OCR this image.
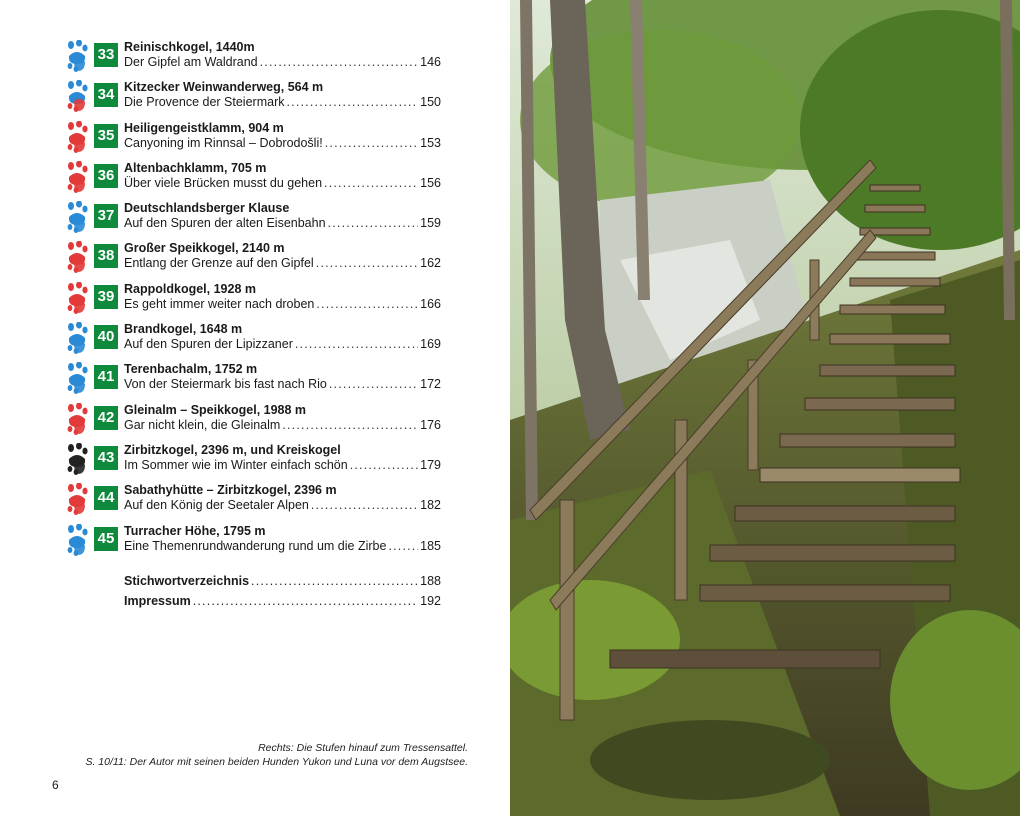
33 Reinischkogel, 1440m
Der Gipfel am Waldrand .....	146
34 Kitzecker Weinwanderweg, 564 m
Die Provence der Steiermark .....	150
35 Heiligengeistklamm, 904 m
Canyoning im Rinnsal – Dobrodošli! .....	153
36 Altenbachklamm, 705 m
Über viele Brücken musst du gehen .....	156
37 Deutschlandsberger Klause
Auf den Spuren der alten Eisenbahn .....	159
38 Großer Speikkogel, 2140 m
Entlang der Grenze auf den Gipfel .....	162
39 Rappoldkogel, 1928 m
Es geht immer weiter nach droben .....	166
40 Brandkogel, 1648 m
Auf den Spuren der Lipizzaner .....	169
41 Terenbachalm, 1752 m
Von der Steiermark bis fast nach Rio .....	172
42 Gleinalm – Speikkogel, 1988 m
Gar nicht klein, die Gleinalm .....	176
43 Zirbitzkogel, 2396 m, und Kreiskogel
Im Sommer wie im Winter einfach schön .....	179
44 Sabathyhütte – Zirbitzkogel, 2396 m
Auf den König der Seetaler Alpen .....	182
45 Turracher Höhe, 1795 m
Eine Themenrundwanderung rund um die Zirbe .....	185
Stichwortverzeichnis .....	188
Impressum .....	192
Rechts: Die Stufen hinauf zum Tressensattel.
S. 10/11: Der Autor mit seinen beiden Hunden Yukon und Luna vor dem Augstsee.
6
